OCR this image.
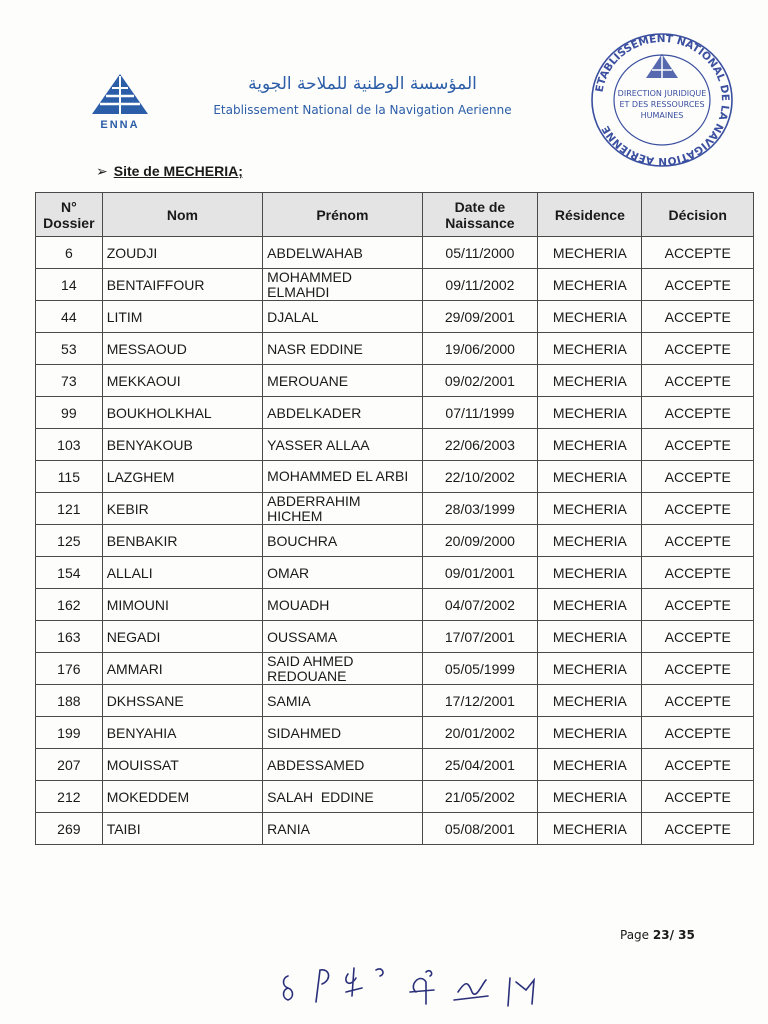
ENNA
المؤسسة الوطنية للملاحة الجوية
Etablissement National de la Navigation Aerienne
ETABLISSEMENT NATIONAL DE LA NAVIGATION AERIENNE
DIRECTION JURIDIQUE
ET DES RESSOURCES
HUMAINES
➢ Site de MECHERIA;
N° Dossier	Nom	Prénom	Date de Naissance	Résidence	Décision
6	ZOUDJI	ABDELWAHAB	05/11/2000	MECHERIA	ACCEPTE
14	BENTAIFFOUR	MOHAMMED ELMAHDI	09/11/2002	MECHERIA	ACCEPTE
44	LITIM	DJALAL	29/09/2001	MECHERIA	ACCEPTE
53	MESSAOUD	NASR EDDINE	19/06/2000	MECHERIA	ACCEPTE
73	MEKKAOUI	MEROUANE	09/02/2001	MECHERIA	ACCEPTE
99	BOUKHOLKHAL	ABDELKADER	07/11/1999	MECHERIA	ACCEPTE
103	BENYAKOUB	YASSER ALLAA	22/06/2003	MECHERIA	ACCEPTE
115	LAZGHEM	MOHAMMED EL ARBI	22/10/2002	MECHERIA	ACCEPTE
121	KEBIR	ABDERRAHIM HICHEM	28/03/1999	MECHERIA	ACCEPTE
125	BENBAKIR	BOUCHRA	20/09/2000	MECHERIA	ACCEPTE
154	ALLALI	OMAR	09/01/2001	MECHERIA	ACCEPTE
162	MIMOUNI	MOUADH	04/07/2002	MECHERIA	ACCEPTE
163	NEGADI	OUSSAMA	17/07/2001	MECHERIA	ACCEPTE
176	AMMARI	SAID AHMED REDOUANE	05/05/1999	MECHERIA	ACCEPTE
188	DKHSSANE	SAMIA	17/12/2001	MECHERIA	ACCEPTE
199	BENYAHIA	SIDAHMED	20/01/2002	MECHERIA	ACCEPTE
207	MOUISSAT	ABDESSAMED	25/04/2001	MECHERIA	ACCEPTE
212	MOKEDDEM	SALAH  EDDINE	21/05/2002	MECHERIA	ACCEPTE
269	TAIBI	RANIA	05/08/2001	MECHERIA	ACCEPTE
Page 23/ 35
